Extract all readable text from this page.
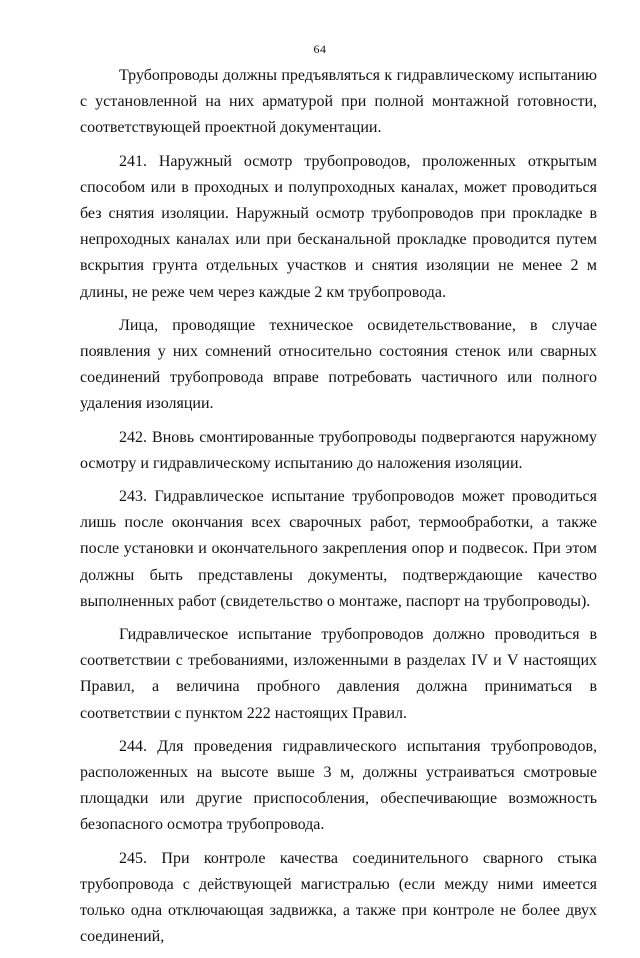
64

Трубопроводы должны предъявляться к гидравлическому испытанию с установленной на них арматурой при полной монтажной готовности, соответствующей проектной документации.

241. Наружный осмотр трубопроводов, проложенных открытым способом или в проходных и полупроходных каналах, может проводиться без снятия изоляции. Наружный осмотр трубопроводов при прокладке в непроходных каналах или при бесканальной прокладке проводится путем вскрытия грунта отдельных участков и снятия изоляции не менее 2 м длины, не реже чем через каждые 2 км трубопровода.

Лица, проводящие техническое освидетельствование, в случае появления у них сомнений относительно состояния стенок или сварных соединений трубопровода вправе потребовать частичного или полного удаления изоляции.

242. Вновь смонтированные трубопроводы подвергаются наружному осмотру и гидравлическому испытанию до наложения изоляции.

243. Гидравлическое испытание трубопроводов может проводиться лишь после окончания всех сварочных работ, термообработки, а также после установки и окончательного закрепления опор и подвесок. При этом должны быть представлены документы, подтверждающие качество выполненных работ (свидетельство о монтаже, паспорт на трубопроводы).

Гидравлическое испытание трубопроводов должно проводиться в соответствии с требованиями, изложенными в разделах IV и V настоящих Правил, а величина пробного давления должна приниматься в соответствии с пунктом 222 настоящих Правил.

244. Для проведения гидравлического испытания трубопроводов, расположенных на высоте выше 3 м, должны устраиваться смотровые площадки или другие приспособления, обеспечивающие возможность безопасного осмотра трубопровода.

245. При контроле качества соединительного сварного стыка трубопровода с действующей магистралью (если между ними имеется только одна отключающая задвижка, а также при контроле не более двух соединений,
